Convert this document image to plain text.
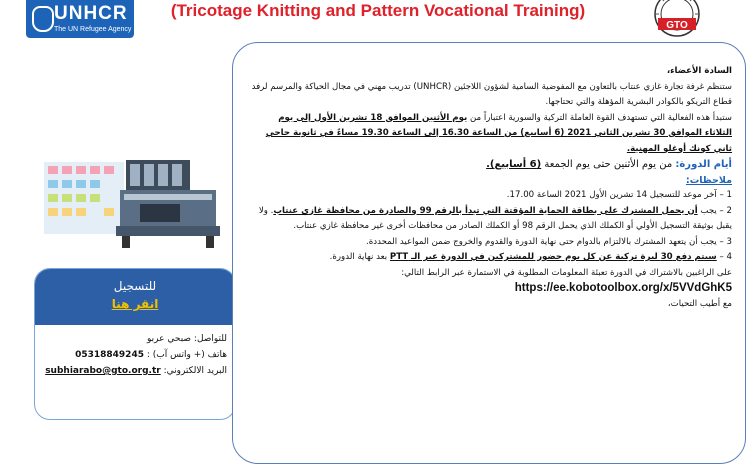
UNHCR
The UN Refugee Agency
(Tricotage Knitting and Pattern Vocational Training)
GTO
للتسجيل
انقر هنا
للتواصل: صبحي عربو
هاتف (+ واتس آب) : 05318849245
البريد الالكتروني: subhiarabo@gto.org.tr

السادة الأعضاء،

ستنظم غرفة تجارة غازي عنتاب بالتعاون مع المفوضية السامية لشؤون اللاجئين (UNHCR) تدريب مهني في مجال الحياكة والمرسم لرفد قطاع التريكو بالكوادر البشرية المؤهلة والتي تحتاجها.

ستبدأ هذه الفعالية التي تستهدف القوة العاملة التركية والسورية اعتباراً من يوم الأثنين الموافق 18 تشرين الأول إلى يوم الثلاثاء الموافق 30 تشرين الثاني 2021 (6 أسابيع) من الساعة 16.30 إلى الساعة 19.30 مساءً في ثانوية حاجي ثاني كونك أوغلو المهنية.

أيام الدورة: من يوم الأثنين حتى يوم الجمعة (6 أسابيع).

ملاحظات:

1 – آخر موعد للتسجيل 14 تشرين الأول 2021 الساعة 17.00.

2 – يجب أن يحمل المشترك على بطاقة الحماية المؤقتة التي تبدأ بالرقم 99 والصادرة من محافظة غازي عنتاب. ولا يقبل بوثيقة التسجيل الأولي أو الكملك الذي يحمل الرقم 98 أو الكملك الصادر من محافظات أخرى غير محافظة غازي عنتاب.

3 – يجب أن يتعهد المشترك بالالتزام بالدوام حتى نهاية الدورة والقدوم والخروج ضمن المواعيد المحددة.

4 – سيتم دفع 30 ليرة تركية عن كل يوم حضور للمشتركين في الدورة عبر الـ PTT بعد نهاية الدورة.

على الراغبين بالاشتراك في الدورة تعبئة المعلومات المطلوبة في الاستمارة عبر الرابط التالي:

https://ee.kobotoolbox.org/x/5VVdGhK5

مع أطيب التحيات،
